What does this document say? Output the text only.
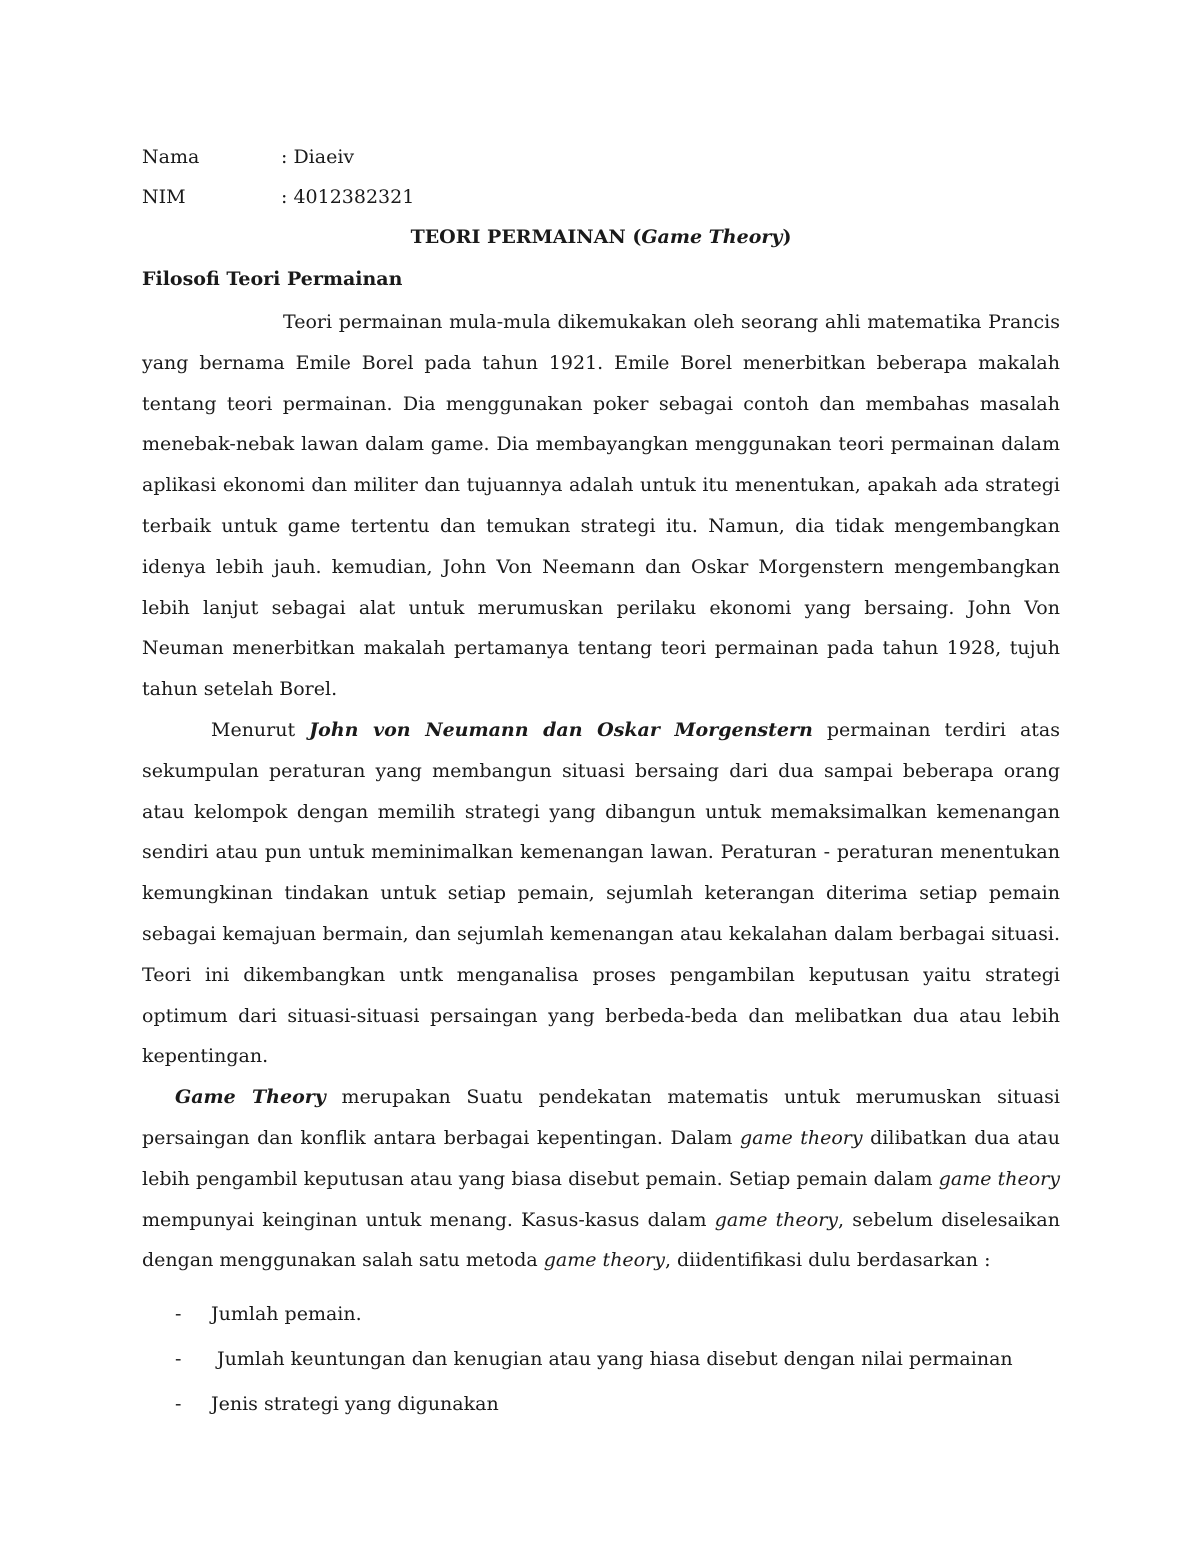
Nama	: Diaeiv
NIM	: 4012382321
TEORI PERMAINAN (Game Theory)
Filosofi Teori Permainan

Teori permainan mula-mula dikemukakan oleh seorang ahli matematika Prancis yang bernama Emile Borel pada tahun 1921. Emile Borel menerbitkan beberapa makalah tentang teori permainan. Dia menggunakan poker sebagai contoh dan membahas masalah menebak-nebak lawan dalam game. Dia membayangkan menggunakan teori permainan dalam aplikasi ekonomi dan militer dan tujuannya adalah untuk itu menentukan, apakah ada strategi terbaik untuk game tertentu dan temukan strategi itu. Namun, dia tidak mengembangkan idenya lebih jauh. kemudian, John Von Neemann dan Oskar Morgenstern mengembangkan lebih lanjut sebagai alat untuk merumuskan perilaku ekonomi yang bersaing. John Von Neuman menerbitkan makalah pertamanya tentang teori permainan pada tahun 1928, tujuh tahun setelah Borel.

Menurut John von Neumann dan Oskar Morgenstern permainan terdiri atas sekumpulan peraturan yang membangun situasi bersaing dari dua sampai beberapa orang atau kelompok dengan memilih strategi yang dibangun untuk memaksimalkan kemenangan sendiri atau pun untuk meminimalkan kemenangan lawan. Peraturan - peraturan menentukan kemungkinan tindakan untuk setiap pemain, sejumlah keterangan diterima setiap pemain sebagai kemajuan bermain, dan sejumlah kemenangan atau kekalahan dalam berbagai situasi. Teori ini dikembangkan untk menganalisa proses pengambilan keputusan yaitu strategi optimum dari situasi-situasi persaingan yang berbeda-beda dan melibatkan dua atau lebih kepentingan.

Game Theory merupakan Suatu pendekatan matematis untuk merumuskan situasi persaingan dan konflik antara berbagai kepentingan. Dalam game theory dilibatkan dua atau lebih pengambil keputusan atau yang biasa disebut pemain. Setiap pemain dalam game theory mempunyai keinginan untuk menang. Kasus-kasus dalam game theory, sebelum diselesaikan dengan menggunakan salah satu metoda game theory, diidentifikasi dulu berdasarkan :

-	Jumlah pemain.
-	Jumlah keuntungan dan kenugian atau yang hiasa disebut dengan nilai permainan
-	Jenis strategi yang digunakan
